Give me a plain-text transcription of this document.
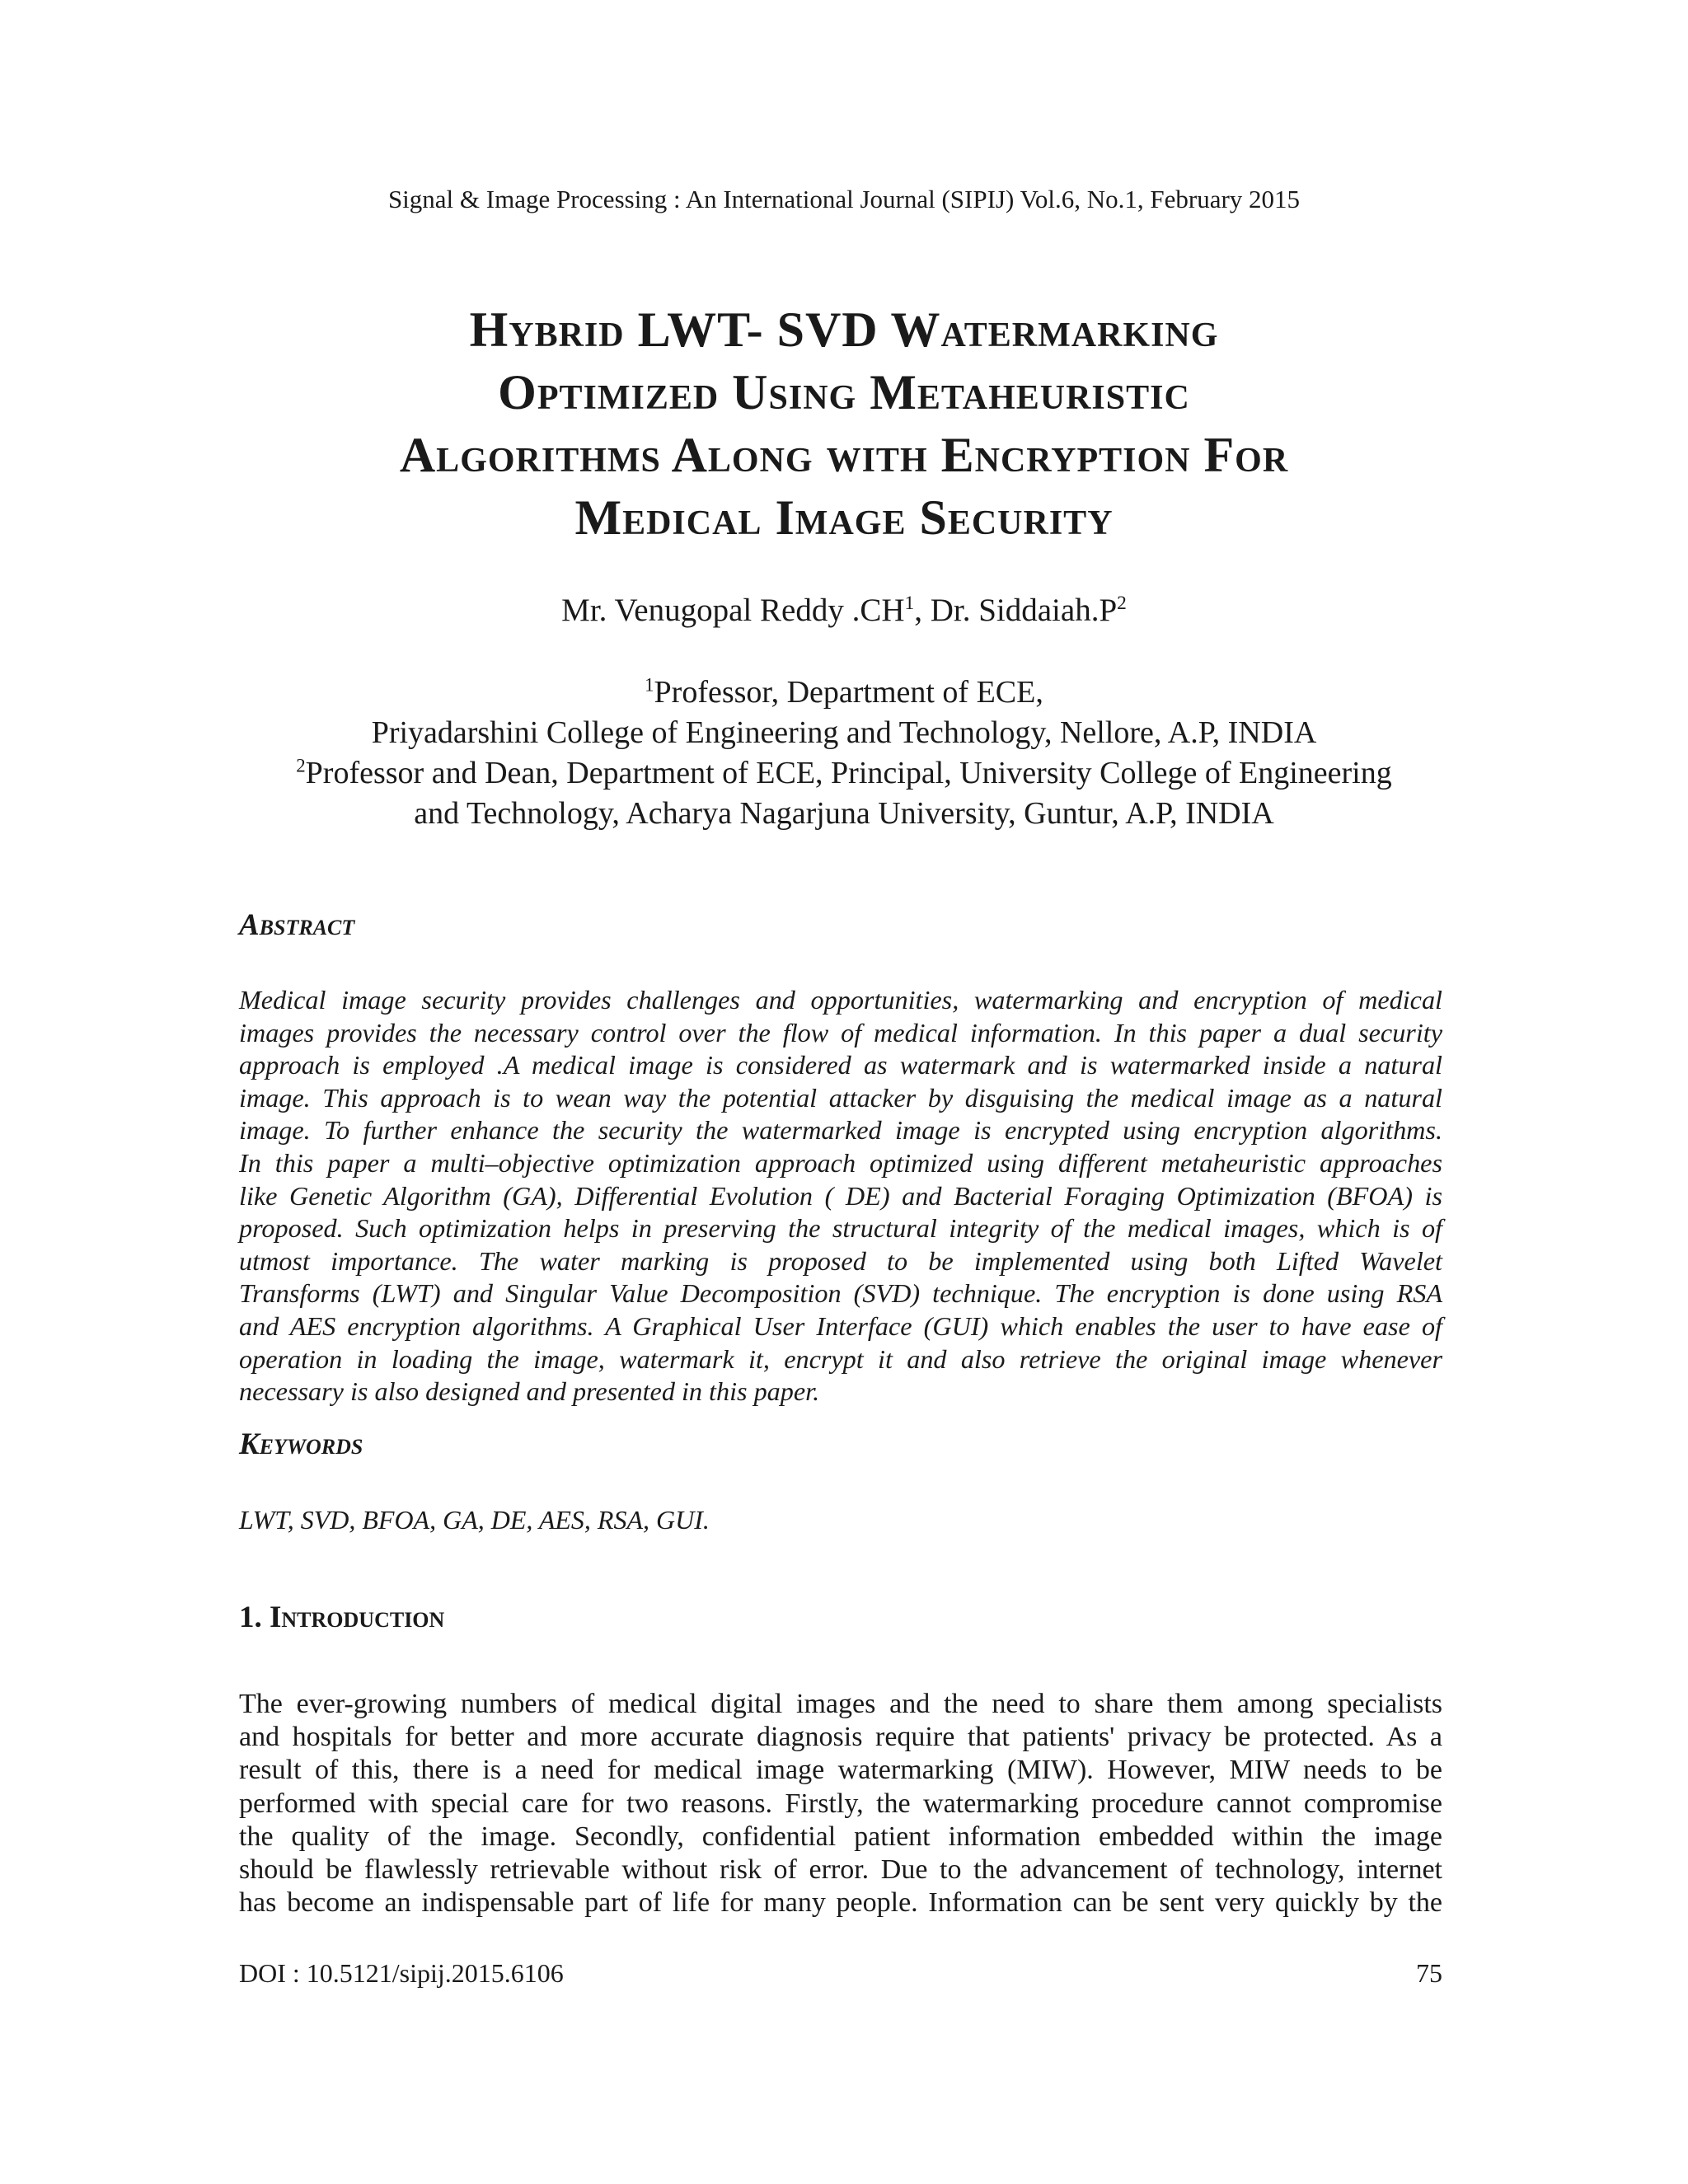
Signal & Image Processing : An International Journal (SIPIJ) Vol.6, No.1, February 2015
Hybrid LWT- SVD Watermarking
Optimized Using Metaheuristic
Algorithms Along with Encryption For
Medical Image Security
Mr. Venugopal Reddy $.CH^1$, Dr. $Siddaiah.P^2$
$^1$Professor, Department of ECE,
Priyadarshini College of Engineering and Technology, Nellore, A.P, INDIA
$^2$Professor and Dean, Department of ECE, Principal, University College of Engineering
and Technology, Acharya Nagarjuna University, Guntur, A.P, INDIA
Abstract
Medical image security provides challenges and opportunities, watermarking and encryption of medical
images provides the necessary control over the flow of medical information. In this paper a dual security
approach is employed .A medical image is considered as watermark and is watermarked inside a natural
image. This approach is to wean way the potential attacker by disguising the medical image as a natural
image. To further enhance the security the watermarked image is encrypted using encryption algorithms.
In this paper a multi–objective optimization approach optimized using different metaheuristic approaches
like Genetic Algorithm (GA), Differential Evolution ( DE) and Bacterial Foraging Optimization (BFOA) is
proposed. Such optimization helps in preserving the structural integrity of the medical images, which is of
utmost importance. The water marking is proposed to be implemented using both Lifted Wavelet
Transforms (LWT) and Singular Value Decomposition (SVD) technique. The encryption is done using RSA
and AES encryption algorithms. A Graphical User Interface (GUI) which enables the user to have ease of
operation in loading the image, watermark it, encrypt it and also retrieve the original image whenever
necessary is also designed and presented in this paper.
Keywords
LWT, SVD, BFOA, GA, DE, AES, RSA, GUI.
1. Introduction
The ever-growing numbers of medical digital images and the need to share them among specialists
and hospitals for better and more accurate diagnosis require that patients' privacy be protected. As a
result of this, there is a need for medical image watermarking (MIW). However, MIW needs to be
performed with special care for two reasons. Firstly, the watermarking procedure cannot compromise
the quality of the image. Secondly, confidential patient information embedded within the image
should be flawlessly retrievable without risk of error. Due to the advancement of technology, internet
has become an indispensable part of life for many people. Information can be sent very quickly by the
DOI : 10.5121/sipij.2015.6106	75
